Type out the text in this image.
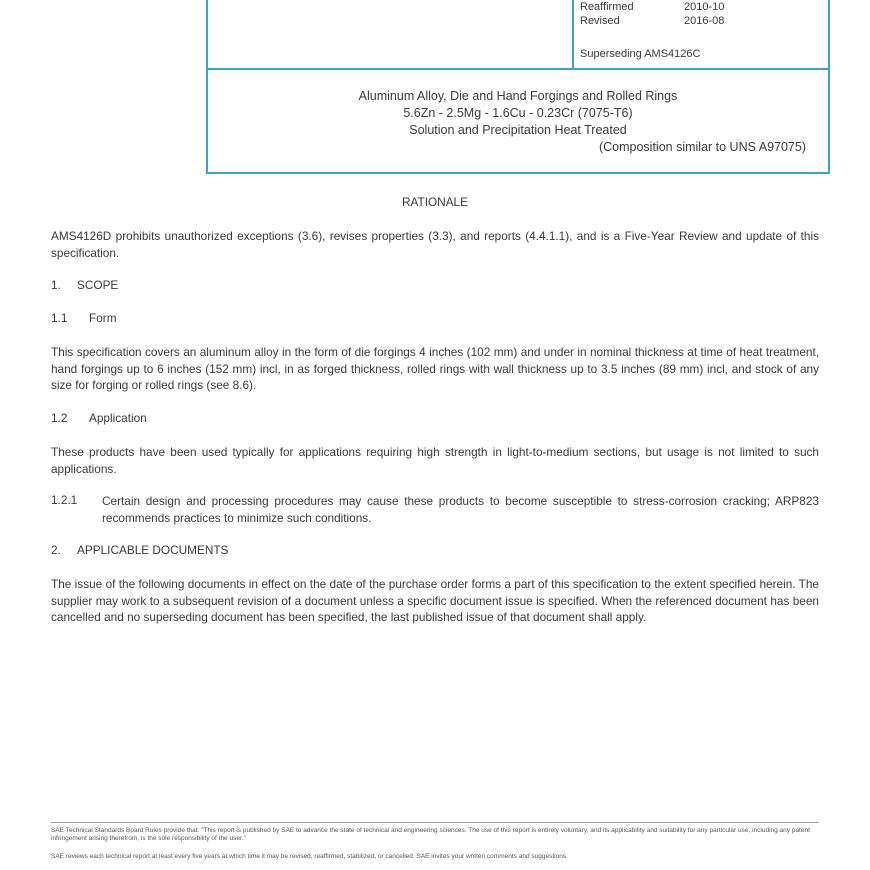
Reaffirmed	2010-10
Revised	2016-08
Superseding AMS4126C
Aluminum Alloy, Die and Hand Forgings and Rolled Rings
5.6Zn - 2.5Mg - 1.6Cu - 0.23Cr (7075-T6)
Solution and Precipitation Heat Treated
(Composition similar to UNS A97075)
RATIONALE
AMS4126D prohibits unauthorized exceptions (3.6), revises properties (3.3), and reports (4.4.1.1), and is a Five-Year Review and update of this specification.
1. SCOPE
1.1 Form
This specification covers an aluminum alloy in the form of die forgings 4 inches (102 mm) and under in nominal thickness at time of heat treatment, hand forgings up to 6 inches (152 mm) incl, in as forged thickness, rolled rings with wall thickness up to 3.5 inches (89 mm) incl, and stock of any size for forging or rolled rings (see 8.6).
1.2 Application
These products have been used typically for applications requiring high strength in light-to-medium sections, but usage is not limited to such applications.
1.2.1 Certain design and processing procedures may cause these products to become susceptible to stress-corrosion cracking; ARP823 recommends practices to minimize such conditions.
2. APPLICABLE DOCUMENTS
The issue of the following documents in effect on the date of the purchase order forms a part of this specification to the extent specified herein. The supplier may work to a subsequent revision of a document unless a specific document issue is specified. When the referenced document has been cancelled and no superseding document has been specified, the last published issue of that document shall apply.
SAE Technical Standards Board Rules provide that: "This report is published by SAE to advance the state of technical and engineering sciences. The use of this report is entirely voluntary, and its applicability and suitability for any particular use, including any patent infringement arising therefrom, is the sole responsibility of the user."
SAE reviews each technical report at least every five years at which time it may be revised, reaffirmed, stabilized, or cancelled. SAE invites your written comments and suggestions.
